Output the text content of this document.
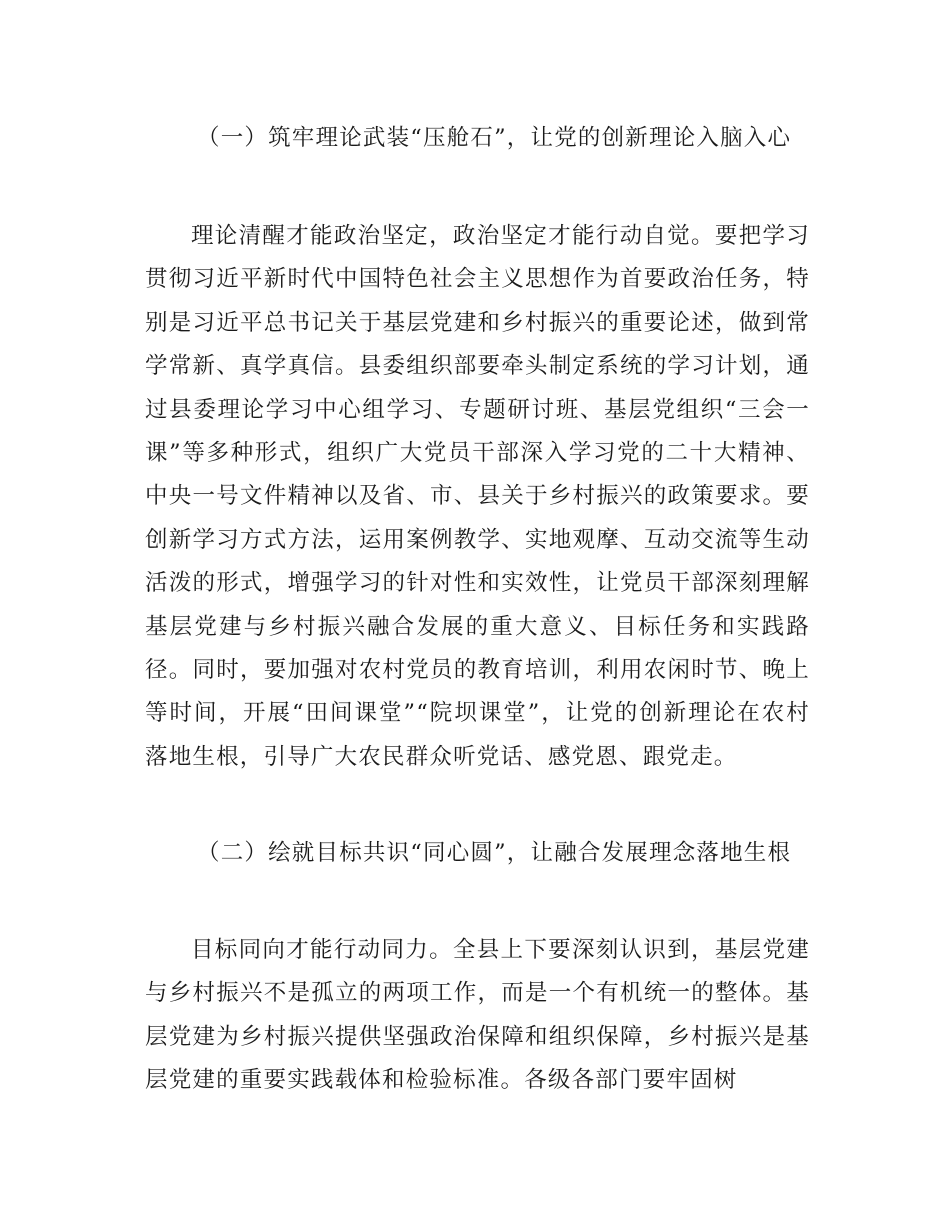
（一）筑牢理论武装“压舱石”，让党的创新理论入脑入心
理论清醒才能政治坚定，政治坚定才能行动自觉。要把学习贯彻习近平新时代中国特色社会主义思想作为首要政治任务，特别是习近平总书记关于基层党建和乡村振兴的重要论述，做到常学常新、真学真信。县委组织部要牵头制定系统的学习计划，通过县委理论学习中心组学习、专题研讨班、基层党组织“三会一课”等多种形式，组织广大党员干部深入学习党的二十大精神、中央一号文件精神以及省、市、县关于乡村振兴的政策要求。要创新学习方式方法，运用案例教学、实地观摩、互动交流等生动活泼的形式，增强学习的针对性和实效性，让党员干部深刻理解基层党建与乡村振兴融合发展的重大意义、目标任务和实践路径。同时，要加强对农村党员的教育培训，利用农闲时节、晚上等时间，开展“田间课堂”“院坝课堂”，让党的创新理论在农村落地生根，引导广大农民群众听党话、感党恩、跟党走。
（二）绘就目标共识“同心圆”，让融合发展理念落地生根
目标同向才能行动同力。全县上下要深刻认识到，基层党建与乡村振兴不是孤立的两项工作，而是一个有机统一的整体。基层党建为乡村振兴提供坚强政治保障和组织保障，乡村振兴是基层党建的重要实践载体和检验标准。各级各部门要牢固树
